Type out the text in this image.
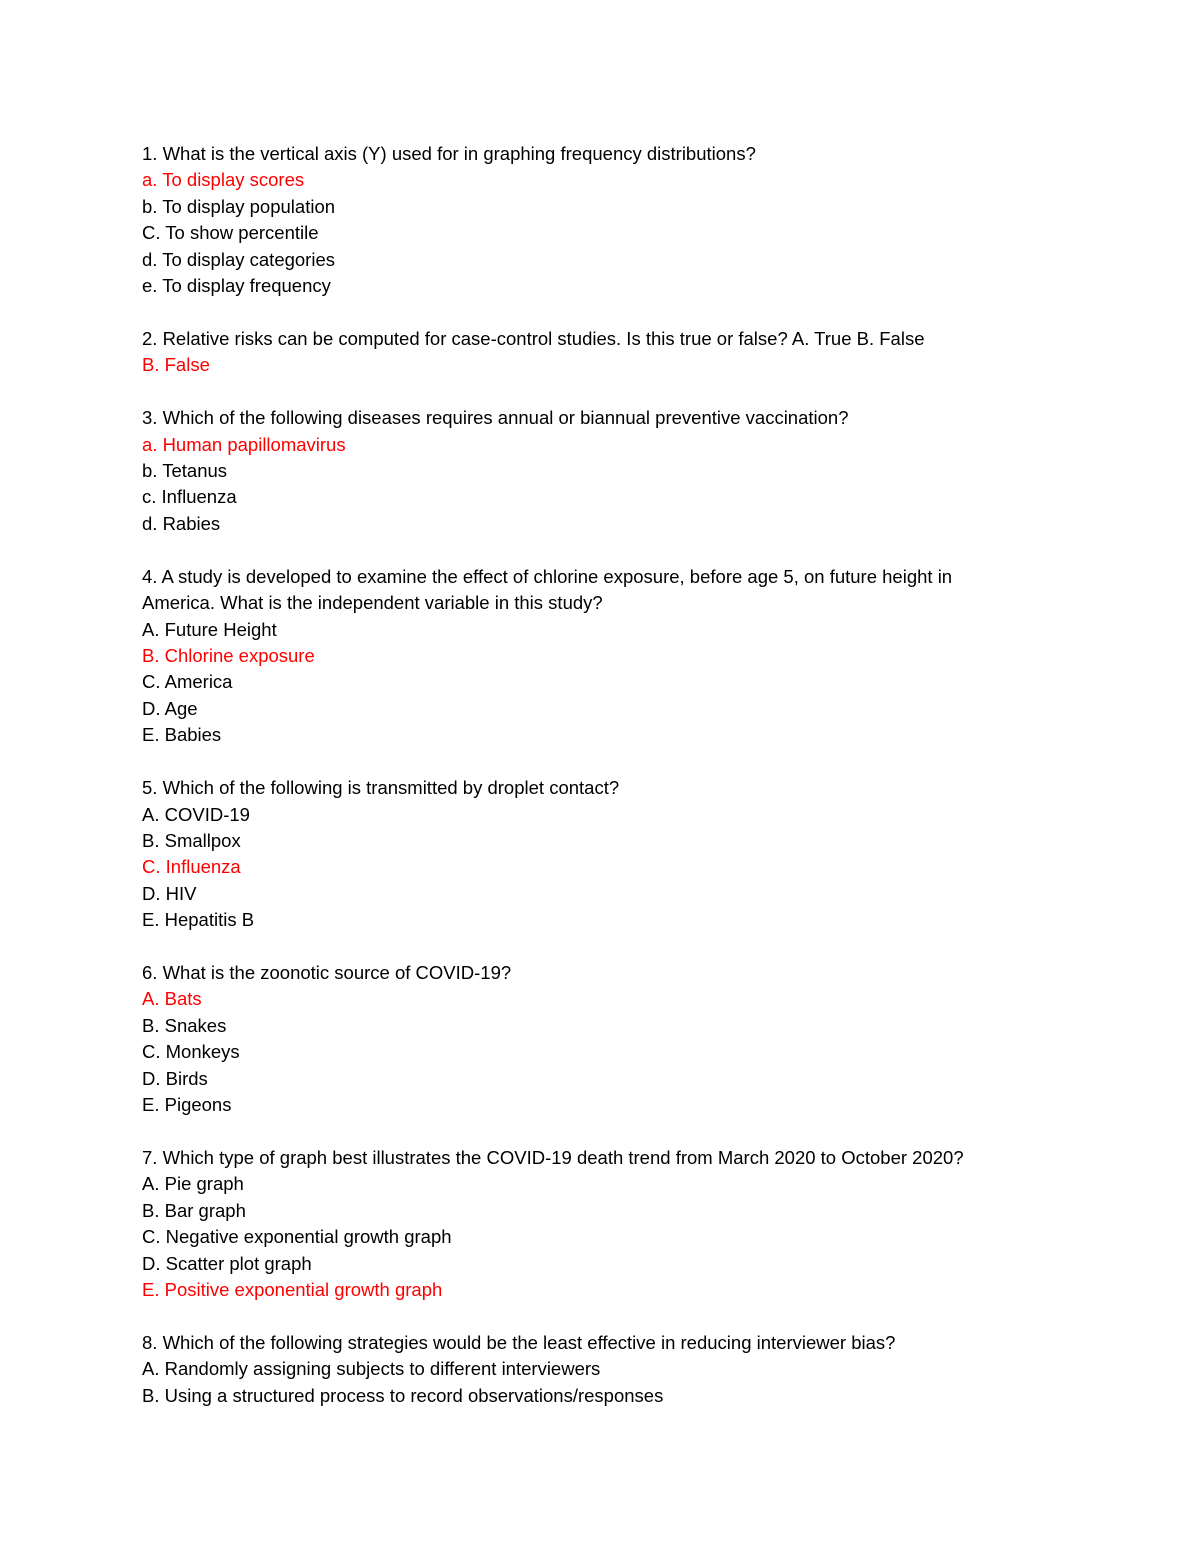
1. What is the vertical axis (Y) used for in graphing frequency distributions?

a. To display scores

b. To display population

C. To show percentile

d. To display categories

e. To display frequency

2. Relative risks can be computed for case-control studies. Is this true or false? A. True B. False

B. False

3. Which of the following diseases requires annual or biannual preventive vaccination?

a. Human papillomavirus

b. Tetanus

c. Influenza

d. Rabies

4. A study is developed to examine the effect of chlorine exposure, before age 5, on future height in

America. What is the independent variable in this study?

A. Future Height

B. Chlorine exposure

C. America

D. Age

E. Babies

5. Which of the following is transmitted by droplet contact?

A. COVID-19

B. Smallpox

C. Influenza

D. HIV

E. Hepatitis B

6. What is the zoonotic source of COVID-19?

A. Bats

B. Snakes

C. Monkeys

D. Birds

E. Pigeons

7. Which type of graph best illustrates the COVID-19 death trend from March 2020 to October 2020?

A. Pie graph

B. Bar graph

C. Negative exponential growth graph

D. Scatter plot graph

E. Positive exponential growth graph

8. Which of the following strategies would be the least effective in reducing interviewer bias?

A. Randomly assigning subjects to different interviewers

B. Using a structured process to record observations/responses
